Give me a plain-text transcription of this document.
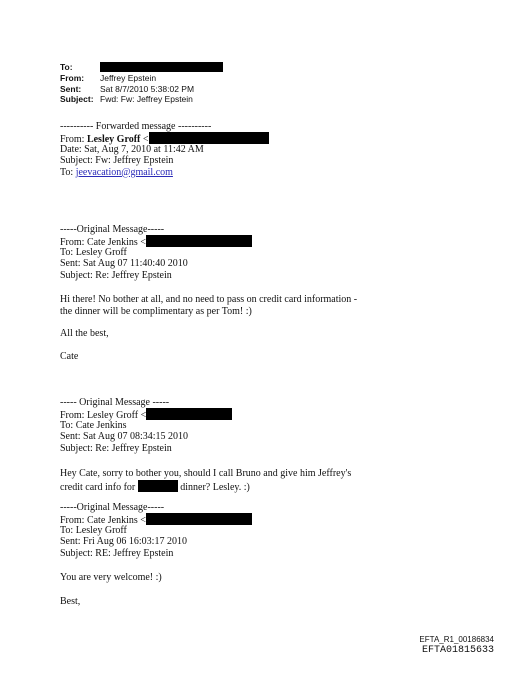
To:
From:	Jeffrey Epstein
Sent:	Sat 8/7/2010 5:38:02 PM
Subject: Fwd: Fw: Jeffrey Epstein
---------- Forwarded message ----------
From: Lesley Groff <
Date: Sat, Aug 7, 2010 at 11:42 AM
Subject: Fw: Jeffrey Epstein
To: jeevacation@gmail.com
-----Original Message-----
From: Cate Jenkins <
To: Lesley Groff
Sent: Sat Aug 07 11:40:40 2010
Subject: Re: Jeffrey Epstein
Hi there! No bother at all, and no need to pass on credit card information -
the dinner will be complimentary as per Tom! :)
All the best,
Cate
----- Original Message -----
From: Lesley Groff <
To: Cate Jenkins
Sent: Sat Aug 07 08:34:15 2010
Subject: Re: Jeffrey Epstein
Hey Cate, sorry to bother you, should I call Bruno and give him Jeffrey's
credit card info for	dinner? Lesley. :)
-----Original Message-----
From: Cate Jenkins <
To: Lesley Groff
Sent: Fri Aug 06 16:03:17 2010
Subject: RE: Jeffrey Epstein
You are very welcome! :)
Best,
EFTA_R1_00186834
EFTA01815633
